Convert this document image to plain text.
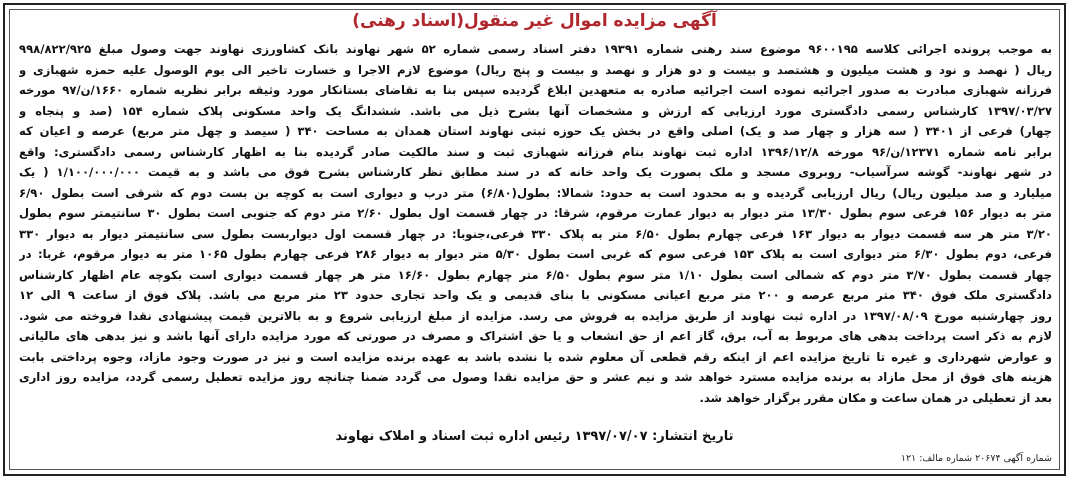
آگهی مزایده اموال غیر منقول(اسناد رهنی)
به موجب پرونده اجرائی کلاسه ۹۶۰۰۱۹۵ موضوع سند رهنی شماره ۱۹۳۹۱ دفتر اسناد رسمی شماره ۵۲ شهر نهاوند بانک کشاورزی نهاوند جهت وصول مبلغ ۹۹۸/۸۲۲/۹۲۵
ریال ( نهصد و نود و هشت میلیون و هشتصد و بیست و دو هزار و نهصد و بیست و پنج ریال) موضوع لازم الاجرا و خسارت تاخیر الی یوم الوصول علیه حمزه شهبازی و
فرزانه شهبازی مبادرت به صدور اجرائیه نموده است اجرائیه صادره به متعهدین ابلاغ گردیده سپس بنا به تقاضای بستانکار مورد وثیقه برابر نظریه شماره ۱۶۶۰/ن/۹۷ مورخه
۱۳۹۷/۰۳/۲۷ کارشناس رسمی دادگستری مورد ارزیابی که ارزش و مشخصات آنها بشرح ذیل می باشد. ششدانگ یک واحد مسکونی پلاک شماره ۱۵۴ (صد و پنجاه و
چهار) فرعی از ۳۴۰۱ ( سه هزار و چهار صد و یک) اصلی واقع در بخش یک حوزه ثبتی نهاوند استان همدان به مساحت ۳۴۰ ( سیصد و چهل متر مربع) عرصه و اعیان که
برابر نامه شماره ۱۲۳۷۱/ن/۹۶ مورخه ۱۳۹۶/۱۲/۸ اداره ثبت نهاوند بنام فرزانه شهبازی ثبت و سند مالکیت صادر گردیده بنا به اظهار کارشناس رسمی دادگستری: واقع
در شهر نهاوند- گوشه سرآسیاب- روبروی مسجد و ملک بصورت یک واحد خانه که در سند مطابق نظر کارشناس بشرح فوق می باشد و به قیمت ۱/۱۰۰/۰۰۰/۰۰۰ ( یک
میلیارد و صد میلیون ریال) ریال ارزیابی گردیده و به محدود است به حدود: شمالا: بطول(۶/۸۰) متر درب و دیواری است به کوچه بن بست دوم که شرقی است بطول ۶/۹۰
متر به دیوار ۱۵۶ فرعی سوم بطول ۱۳/۳۰ متر دیوار به دیوار عمارت مرقوم، شرقا: در چهار قسمت اول بطول ۲/۶۰ متر دوم که جنوبی است بطول ۳۰ سانتیمتر سوم بطول
۳/۲۰ متر هر سه قسمت دیوار به دیوار ۱۶۳ فرعی چهارم بطول ۶/۵۰ متر به پلاک ۳۳۰ فرعی،جنوبا: در چهار قسمت اول دیواربست بطول سی سانتیمتر دیوار به دیوار ۳۳۰
فرعی، دوم بطول ۶/۳۰ متر دیواری است به پلاک ۱۵۳ فرعی سوم که غربی است بطول ۵/۳۰ متر دیوار به دیوار ۲۸۶ فرعی چهارم بطول ۱۰۶۵ متر به دیوار مرقوم، غربا: در
چهار قسمت بطول ۳/۷۰ متر دوم که شمالی است بطول ۱/۱۰ متر سوم بطول ۶/۵۰ متر چهارم بطول ۱۶/۶۰ متر هر چهار قسمت دیواری است بکوچه عام اظهار کارشناس
دادگستری ملک فوق ۳۴۰ متر مربع عرصه و ۲۰۰ متر مربع اعیانی مسکونی با بنای قدیمی و یک واحد تجاری حدود ۲۳ متر مربع می باشد. پلاک فوق از ساعت ۹ الی ۱۲
روز چهارشنبه مورخ ۱۳۹۷/۰۸/۰۹ در اداره ثبت نهاوند از طریق مزایده به فروش می رسد. مزایده از مبلغ ارزیابی شروع و به بالاترین قیمت پیشنهادی نقدا فروخته می شود.
لازم به ذکر است پرداخت بدهی های مربوط به آب، برق، گاز اعم از حق انشعاب و یا حق اشتراک و مصرف در صورتی که مورد مزایده دارای آنها باشد و نیز بدهی های مالیاتی
و عوارض شهرداری و غیره تا تاریخ مزایده اعم از اینکه رقم قطعی آن معلوم شده یا نشده باشد به عهده برنده مزایده است و نیز در صورت وجود مازاد، وجوه پرداختی بابت
هزینه های فوق از محل مازاد به برنده مزایده مسترد خواهد شد و نیم عشر و حق مزایده نقدا وصول می گردد ضمنا چنانچه روز مزایده تعطیل رسمی گردد، مزایده روز اداری
بعد از تعطیلی در همان ساعت و مکان مقرر برگزار خواهد شد.
تاریخ انتشار: ۱۳۹۷/۰۷/۰۷ رئیس اداره ثبت اسناد و املاک نهاوند
شماره آگهی ۲۰۶۷۴ شماره مالف: ۱۲۱
